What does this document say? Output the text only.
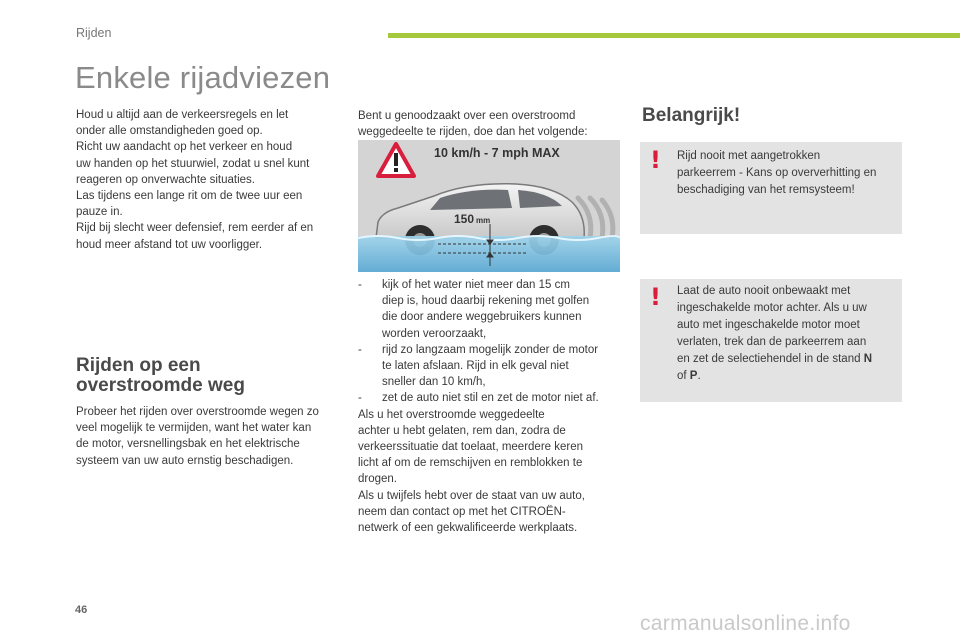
Rijden
Enkele rijadviezen

Houd u altijd aan de verkeersregels en let

onder alle omstandigheden goed op.

Richt uw aandacht op het verkeer en houd

uw handen op het stuurwiel, zodat u snel kunt

reageren op onverwachte situaties.

Las tijdens een lange rit om de twee uur een

pauze in.

Rijd bij slecht weer defensief, rem eerder af en

houd meer afstand tot uw voorligger.

Rijden op een
overstroomde weg

Probeer het rijden over overstroomde wegen zo

veel mogelijk te vermijden, want het water kan

de motor, versnellingsbak en het elektrische

systeem van uw auto ernstig beschadigen.

Bent u genoodzaakt over een overstroomd

weggedeelte te rijden, doe dan het volgende:

10 km/h - 7 mph MAX
150 mm
- kijk of het water niet meer dan 15 cm

diep is, houd daarbij rekening met golfen

die door andere weggebruikers kunnen

worden veroorzaakt,

- rijd zo langzaam mogelijk zonder de motor

te laten afslaan. Rijd in elk geval niet

sneller dan 10 km/h,

- zet de auto niet stil en zet de motor niet af.

Als u het overstroomde weggedeelte

achter u hebt gelaten, rem dan, zodra de

verkeerssituatie dat toelaat, meerdere keren

licht af om de remschijven en remblokken te

drogen.

Als u twijfels hebt over de staat van uw auto,

neem dan contact op met het CITROËN-

netwerk of een gekwalificeerde werkplaats.

Belangrijk!
! Rijd nooit met aangetrokken
parkeerrem - Kans op oververhitting en
beschadiging van het remsysteem!
! Laat de auto nooit onbewaakt met
ingeschakelde motor achter. Als u uw
auto met ingeschakelde motor moet
verlaten, trek dan de parkeerrem aan
en zet de selectiehendel in de stand N
of P.
46
carmanualsonline.info
